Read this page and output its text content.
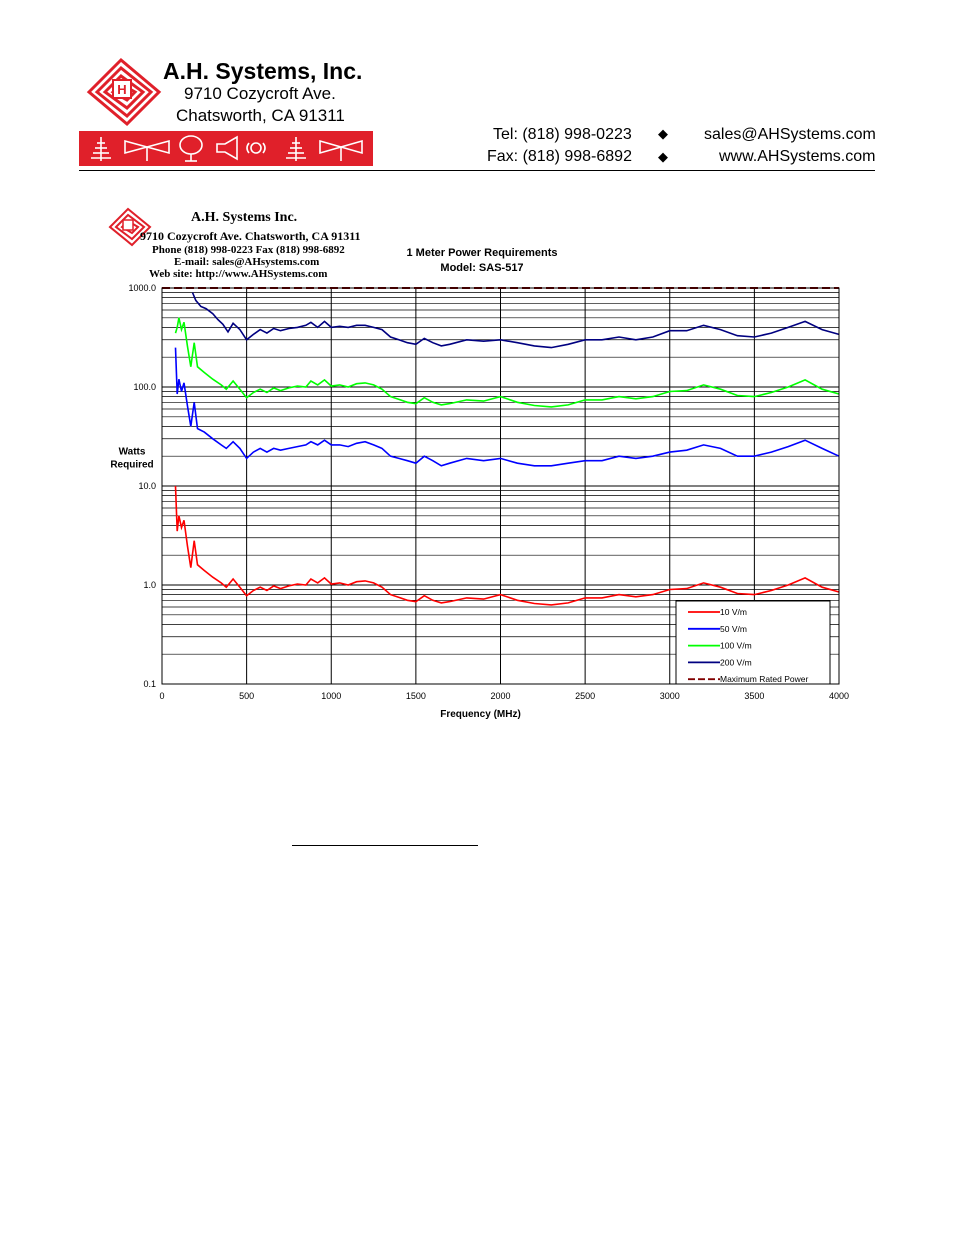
H
A.H. Systems, Inc.
9710 Cozycroft Ave.
Chatsworth, CA 91311
Tel: (818) 998-0223
Fax: (818) 998-6892
◆
◆
sales@AHSystems.com
www.AHSystems.com
A.H. Systems Inc.
9710 Cozycroft Ave. Chatsworth, CA 91311
Phone (818) 998-0223 Fax (818) 998-6892
E-mail: sales@AHsystems.com
Web site: http://www.AHSystems.com
1 Meter Power Requirements
Model: SAS-517
1000.0
100.0
10.0
1.0
0.1
0	500	1000	1500	2000	2500	3000	3500	4000
Frequency (MHz)
Watts Required
10 V/m
50 V/m
100 V/m
200 V/m
Maximum Rated Power
